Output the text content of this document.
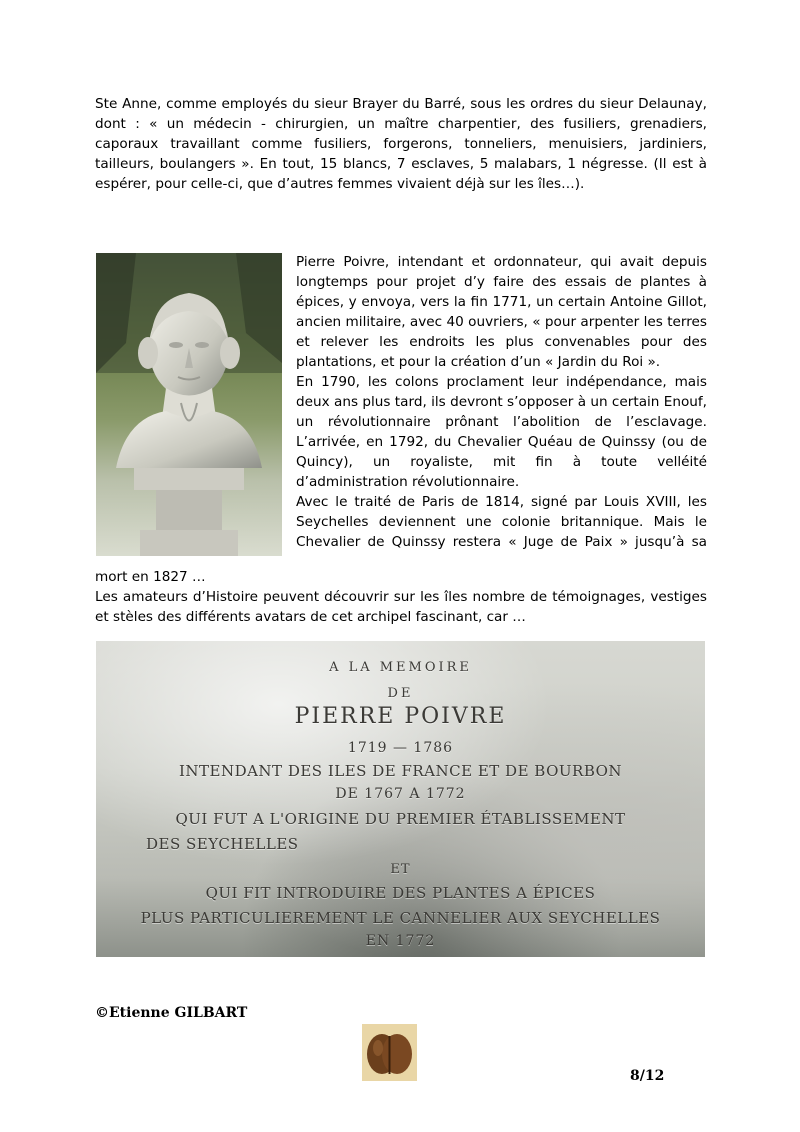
Ste Anne, comme employés du sieur Brayer du Barré, sous les ordres du sieur Delaunay, dont : « un médecin - chirurgien, un maître charpentier, des fusiliers, grenadiers, caporaux travaillant comme fusiliers, forgerons, tonneliers, menuisiers, jardiniers, tailleurs, boulangers ». En tout, 15 blancs, 7 esclaves, 5 malabars, 1 négresse. (Il est à espérer, pour celle-ci, que d’autres femmes vivaient déjà sur les îles…).

Pierre Poivre, intendant et ordonnateur, qui avait depuis longtemps pour projet d’y faire des essais de plantes à épices, y envoya, vers la fin 1771, un certain Antoine Gillot, ancien militaire, avec 40 ouvriers, « pour arpenter les terres et relever les endroits les plus convenables pour des plantations, et pour la création d’un « Jardin du Roi ».
En 1790, les colons proclament leur indépendance, mais deux ans plus tard, ils devront s’opposer à un certain Enouf, un révolutionnaire prônant l’abolition de l’esclavage. L’arrivée, en 1792, du Chevalier Quéau de Quinssy (ou de Quincy), un royaliste, mit fin à toute velléité d’administration révolutionnaire.
Avec le traité de Paris de 1814, signé par Louis XVIII, les Seychelles deviennent une colonie britannique. Mais le Chevalier de Quinssy restera « Juge de Paix » jusqu’à sa

mort en 1827 …

Les amateurs d’Histoire peuvent découvrir sur les îles nombre de témoignages, vestiges et stèles des différents avatars de cet archipel fascinant, car …

A LA MEMOIRE
DE
PIERRE POIVRE
1719 — 1786
INTENDANT DES ILES DE FRANCE ET DE BOURBON
DE 1767 A 1772
QUI FUT A L'ORIGINE DU PREMIER ÉTABLISSEMENT
DES SEYCHELLES
ET
QUI FIT INTRODUIRE DES PLANTES A ÉPICES
PLUS PARTICULIEREMENT LE CANNELIER AUX SEYCHELLES
EN 1772

©Etienne GILBART

8/12
